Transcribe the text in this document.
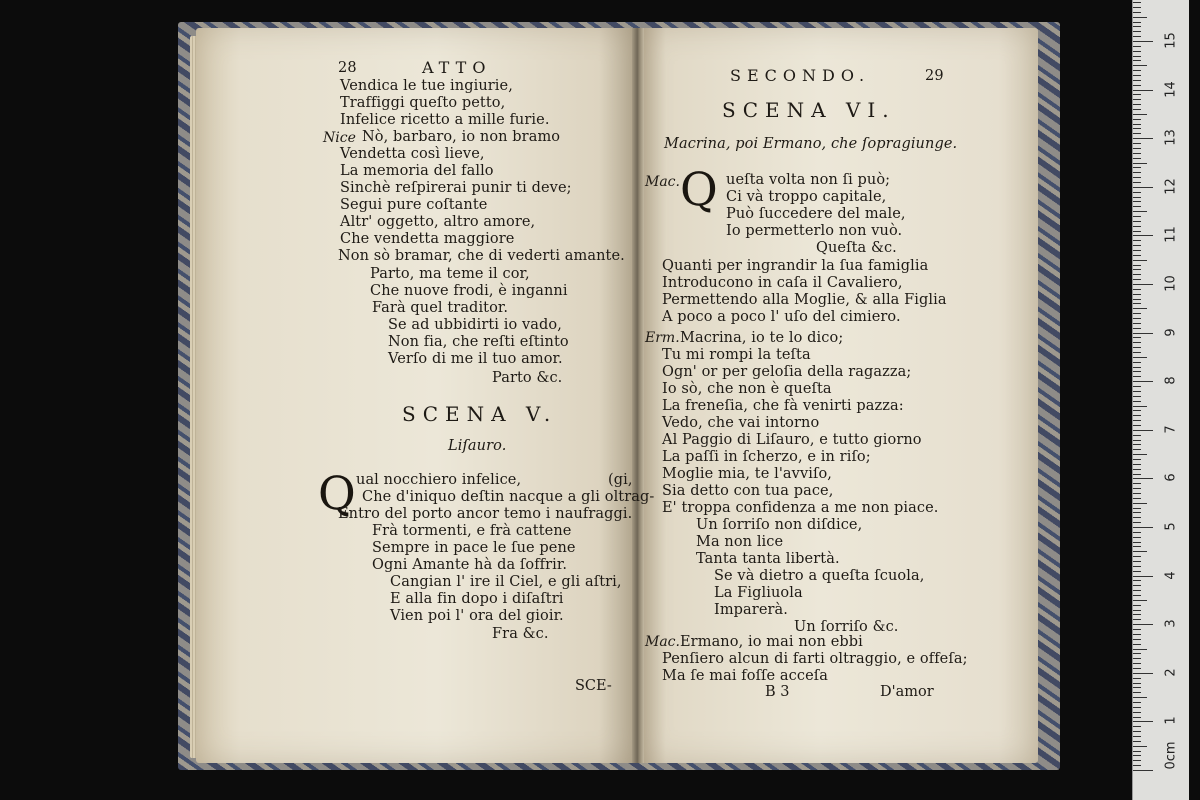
28	ATTO
Vendica le tue ingiurie,
Traffiggi queſto petto,
Infelice ricetto a mille furie.
Nò, barbaro, io non bramo
Vendetta così lieve,
La memoria del fallo
Sinchè reſpirerai punir ti deve;
Segui pure coſtante
Altr' oggetto, altro amore,
Che vendetta maggiore
Non sò bramar, che di vederti amante.
Parto, ma teme il cor,
Che nuove frodi, è inganni
Farà quel traditor.
Se ad ubbidirti io vado,
Non fia, che reſti eſtinto
Verſo di me il tuo amor.
Parto &c.
Nice
SCENA V.
Liſauro.
Q ual nocchiero infelice,	(gi,
Che d'iniquo deſtin nacque a gli oltrag-
Entro del porto ancor temo i naufraggi.
Frà tormenti, e frà cattene
Sempre in pace le ſue pene
Ogni Amante hà da ſoffrir.
Cangian l' ire il Ciel, e gli aſtri,
E alla fin dopo i diſaſtri
Vien poi l' ora del gioir.
Fra &c.
SCE-
SECONDO.	29
SCENA VI.
Macrina, poi Ermano, che ſopragiunge.
Mac. Q ueſta volta non ſi può;
Ci và troppo capitale,
Può ſuccedere del male,
Io permetterlo non vuò.
Queſta &c.
Quanti per ingrandir la ſua famiglia
Introducono in caſa il Cavaliero,
Permettendo alla Moglie, & alla Figlia
A poco a poco l' uſo del cimiero.
Erm. Macrina, io te lo dico;
Tu mi rompi la teſta
Ogn' or per geloſia della ragazza;
Io sò, che non è queſta
La freneſia, che fà venirti pazza:
Vedo, che vai intorno
Al Paggio di Liſauro, e tutto giorno
La paſſi in ſcherzo, e in riſo;
Moglie mia, te l'avviſo,
Sia detto con tua pace,
E' troppa confidenza a me non piace.
Un ſorriſo non diſdice,
Ma non lice
Tanta tanta libertà.
Se và dietro a queſta ſcuola,
La Figliuola
Imparerà.
Un ſorriſo &c.
Mac. Ermano, io mai non ebbi
Penſiero alcun di farti oltraggio, e offeſa;
Ma ſe mai foſſe acceſa
B 3	D'amor
1
2
3
4
5
6
7
8
9
10
11
12
13
14
15
0cm
